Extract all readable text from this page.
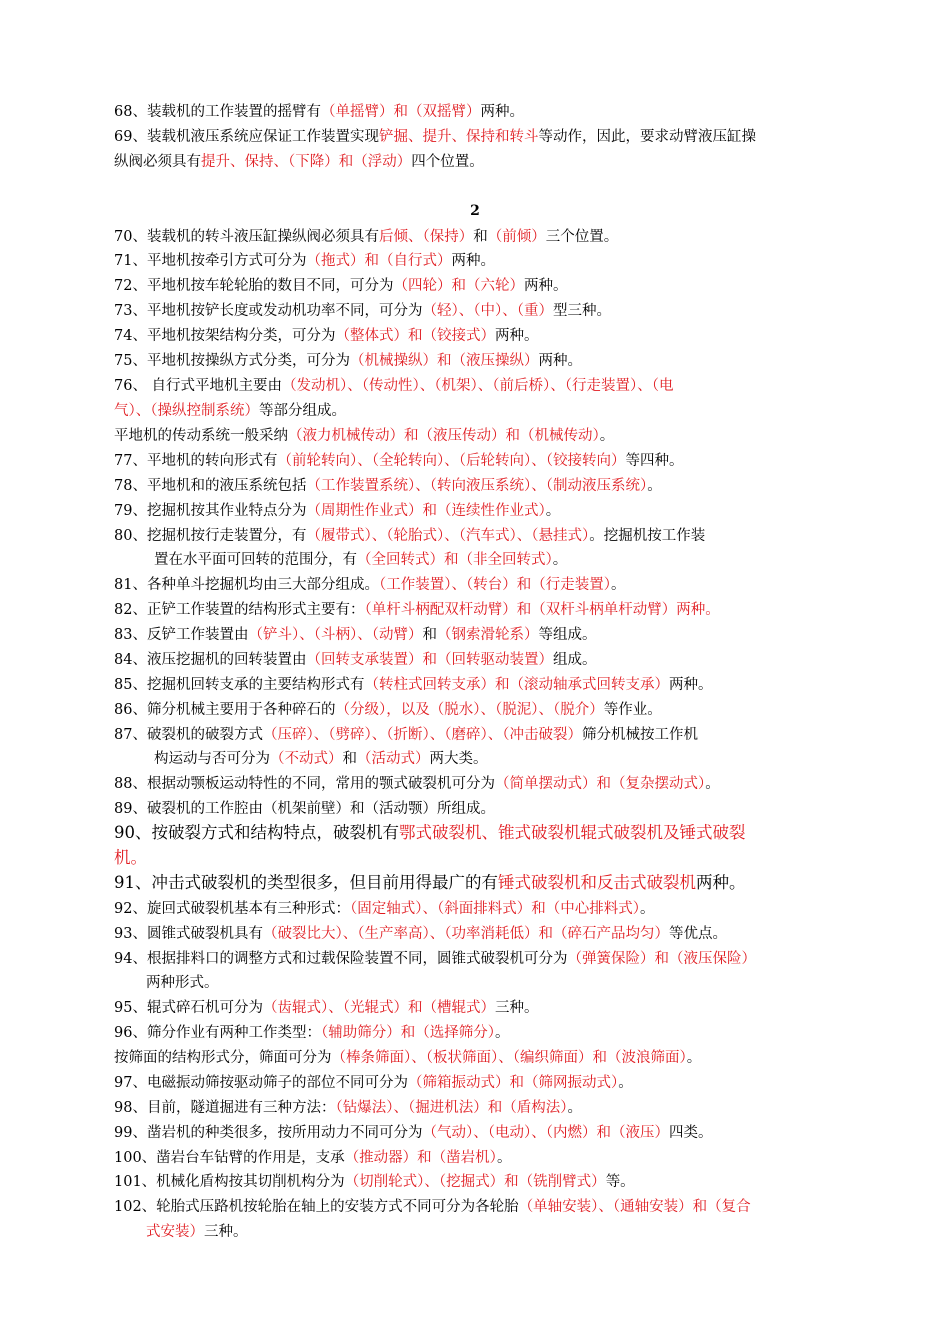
2
68、装载机的工作装置的摇臂有（单摇臂）和（双摇臂）两种。
69、装载机液压系统应保证工作装置实现铲掘、提升、保持和转斗等动作，因此，要求动臂液压缸操
纵阀必须具有提升、保持、（下降）和（浮动）四个位置。
70、装载机的转斗液压缸操纵阀必须具有后倾、（保持）和（前倾）三个位置。
71、平地机按牵引方式可分为（拖式）和（自行式）两种。
72、平地机按车轮轮胎的数目不同，可分为（四轮）和（六轮）两种。
73、平地机按铲长度或发动机功率不同，可分为（轻）、（中）、（重）型三种。
74、平地机按架结构分类，可分为（整体式）和（铰接式）两种。
75、平地机按操纵方式分类，可分为（机械操纵）和（液压操纵）两种。
76、 自行式平地机主要由（发动机）、（传动性）、（机架）、（前后桥）、（行走装置）、（电
气）、（操纵控制系统）等部分组成。
平地机的传动系统一般采纳（液力机械传动）和（液压传动）和（机械传动）。
77、平地机的转向形式有（前轮转向）、（全轮转向）、（后轮转向）、（铰接转向）等四种。
78、平地机和的液压系统包括（工作装置系统）、（转向液压系统）、（制动液压系统）。
79、挖掘机按其作业特点分为（周期性作业式）和（连续性作业式）。
80、挖掘机按行走装置分，有（履带式）、（轮胎式）、（汽车式）、（悬挂式）。挖掘机按工作装
置在水平面可回转的范围分，有（全回转式）和（非全回转式）。
81、各种单斗挖掘机均由三大部分组成。（工作装置）、（转台）和（行走装置）。
82、正铲工作装置的结构形式主要有：（单杆斗柄配双杆动臂）和（双杆斗柄单杆动臂）两种。
83、反铲工作装置由（铲斗）、（斗柄）、（动臂）和（钢索滑轮系）等组成。
84、液压挖掘机的回转装置由（回转支承装置）和（回转驱动装置）组成。
85、挖掘机回转支承的主要结构形式有（转柱式回转支承）和（滚动轴承式回转支承）两种。
86、筛分机械主要用于各种碎石的（分级），以及（脱水）、（脱泥）、（脱介）等作业。
87、破裂机的破裂方式（压碎）、（劈碎）、（折断）、（磨碎）、（冲击破裂）筛分机械按工作机
构运动与否可分为（不动式）和（活动式）两大类。
88、根据动颚板运动特性的不同，常用的颚式破裂机可分为（简单摆动式）和（复杂摆动式）。
89、破裂机的工作腔由（机架前壁）和（活动颚）所组成。
90、按破裂方式和结构特点，破裂机有鄂式破裂机、锥式破裂机辊式破裂机及锤式破裂
机。
91、冲击式破裂机的类型很多，但目前用得最广的有锤式破裂机和反击式破裂机两种。
92、旋回式破裂机基本有三种形式：（固定轴式）、（斜面排料式）和（中心排料式）。
93、圆锥式破裂机具有（破裂比大）、（生产率高）、（功率消耗低）和（碎石产品均匀）等优点。
94、根据排料口的调整方式和过载保险装置不同，圆锥式破裂机可分为（弹簧保险）和（液压保险）
两种形式。
95、辊式碎石机可分为（齿辊式）、（光辊式）和（槽辊式）三种。
96、筛分作业有两种工作类型：（辅助筛分）和（选择筛分）。
按筛面的结构形式分，筛面可分为（棒条筛面）、（板状筛面）、（编织筛面）和（波浪筛面）。
97、电磁振动筛按驱动筛子的部位不同可分为（筛箱振动式）和（筛网振动式）。
98、目前，隧道掘进有三种方法：（钻爆法）、（掘进机法）和（盾构法）。
99、凿岩机的种类很多，按所用动力不同可分为（气动）、（电动）、（内燃）和（液压）四类。
100、凿岩台车钻臂的作用是，支承（推动器）和（凿岩机）。
101、机械化盾构按其切削机构分为（切削轮式）、（挖掘式）和（铣削臂式）等。
102、轮胎式压路机按轮胎在轴上的安装方式不同可分为各轮胎（单轴安装）、（通轴安装）和（复合
式安装）三种。
